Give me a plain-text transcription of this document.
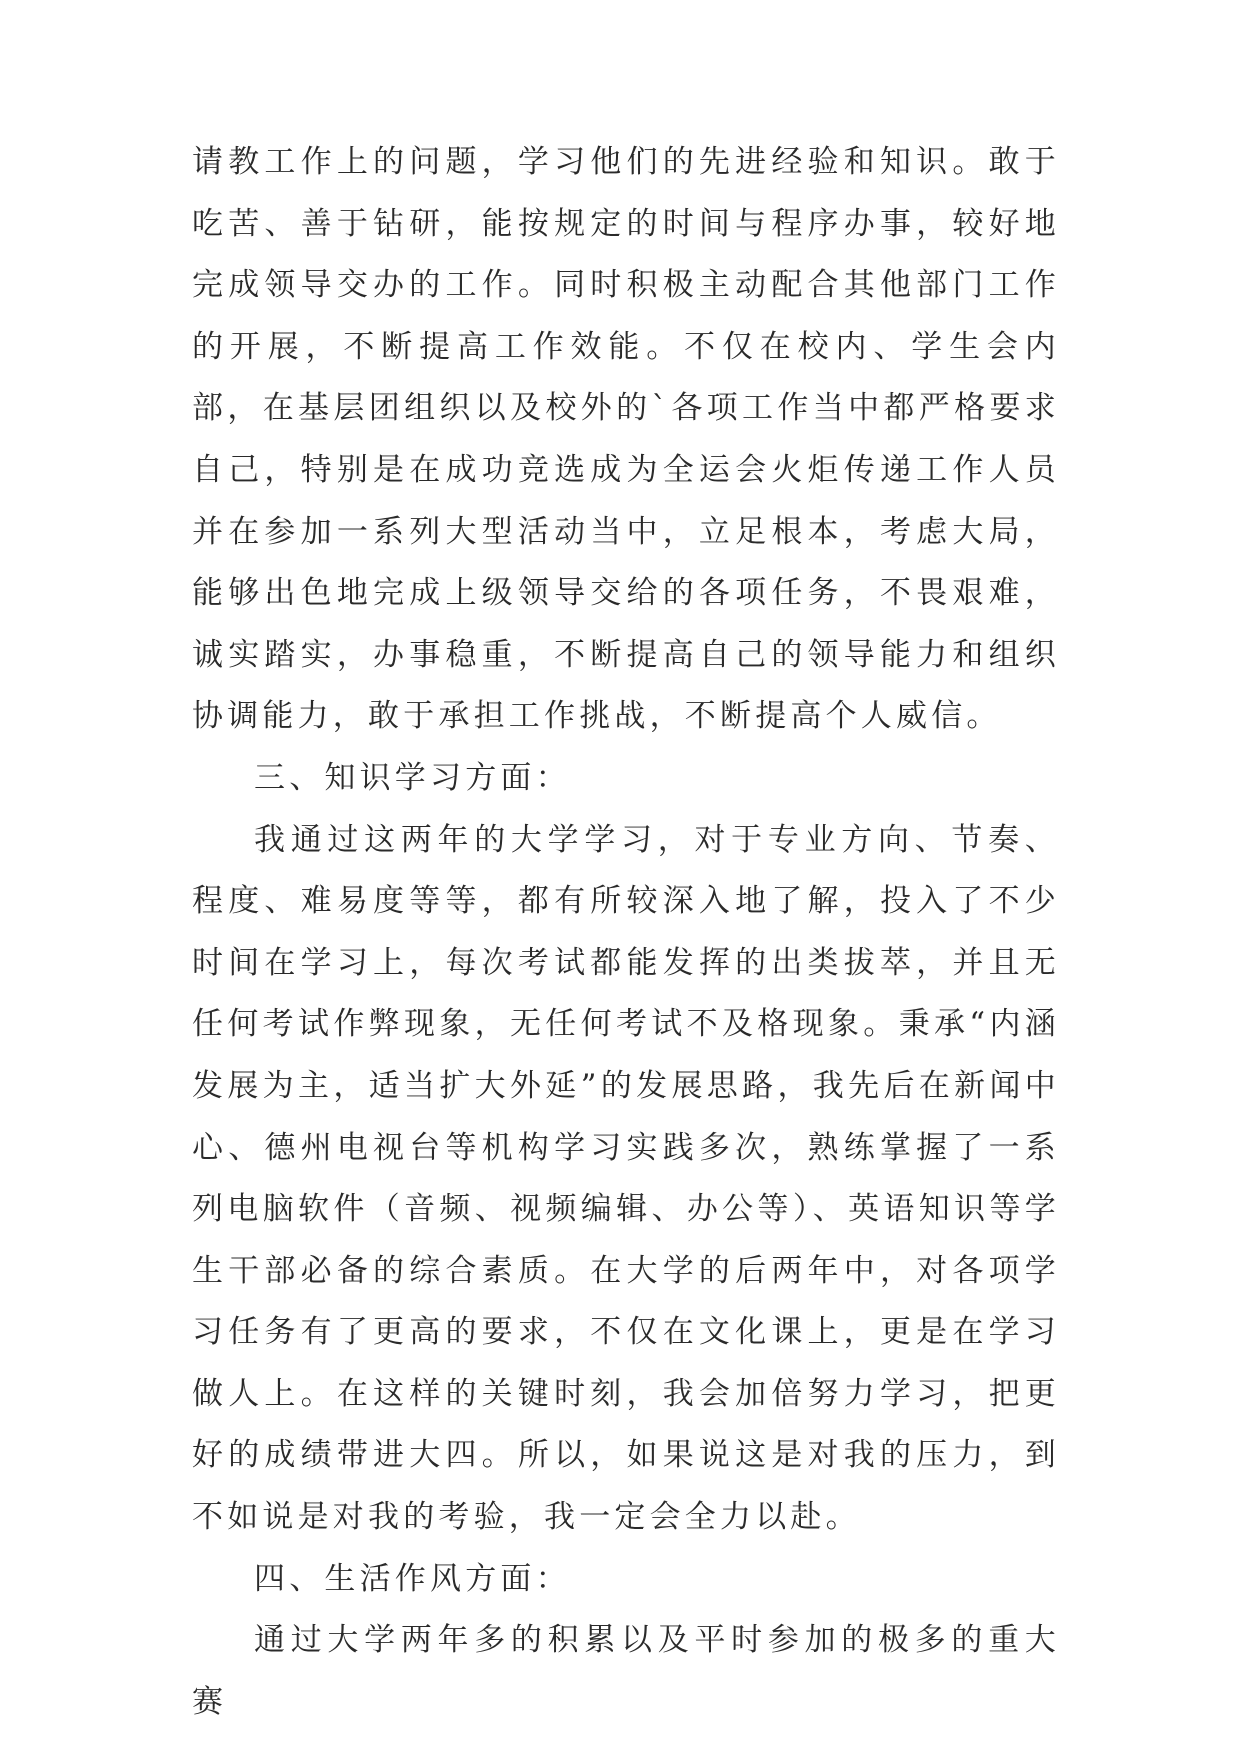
请教工作上的问题，学习他们的先进经验和知识。敢于吃苦、善于钻研，能按规定的时间与程序办事，较好地完成领导交办的工作。同时积极主动配合其他部门工作的开展，不断提高工作效能。不仅在校内、学生会内部，在基层团组织以及校外的`各项工作当中都严格要求自己，特别是在成功竞选成为全运会火炬传递工作人员并在参加一系列大型活动当中，立足根本，考虑大局，能够出色地完成上级领导交给的各项任务，不畏艰难，诚实踏实，办事稳重，不断提高自己的领导能力和组织协调能力，敢于承担工作挑战，不断提高个人威信。

三、知识学习方面：

我通过这两年的大学学习，对于专业方向、节奏、程度、难易度等等，都有所较深入地了解，投入了不少时间在学习上，每次考试都能发挥的出类拔萃，并且无任何考试作弊现象，无任何考试不及格现象。秉承“内涵发展为主，适当扩大外延”的发展思路，我先后在新闻中心、德州电视台等机构学习实践多次，熟练掌握了一系列电脑软件（音频、视频编辑、办公等）、英语知识等学生干部必备的综合素质。在大学的后两年中，对各项学习任务有了更高的要求，不仅在文化课上，更是在学习做人上。在这样的关键时刻，我会加倍努力学习，把更好的成绩带进大四。所以，如果说这是对我的压力，到不如说是对我的考验，我一定会全力以赴。

四、生活作风方面：

通过大学两年多的积累以及平时参加的极多的重大赛
